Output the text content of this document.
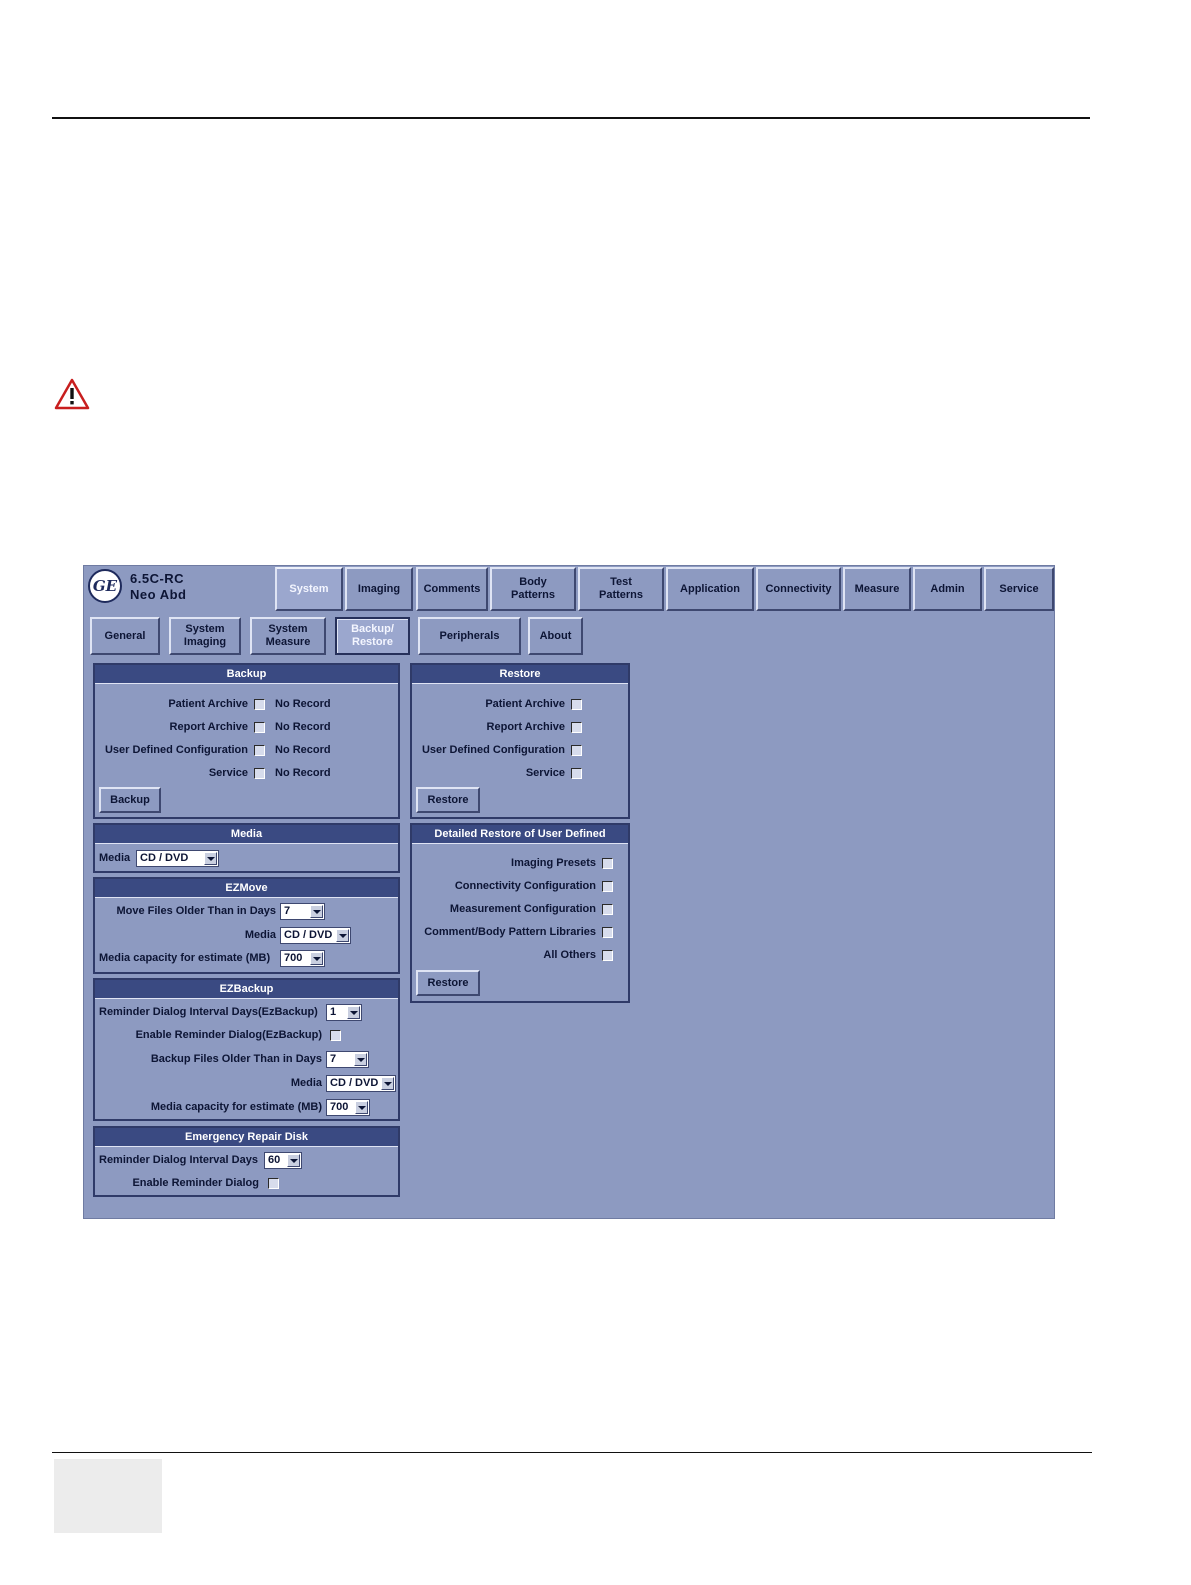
GE 6.5C-RC
Neo Abd	System	Imaging	Comments
Body
Patterns
Test
Patterns
Application	Connectivity	Measure	Admin	Service
General
System
Imaging
System
Measure
Backup/
Restore
Peripherals	About
Backup
Patient Archive No Record
Report Archive No Record
User Defined Configuration No Record
Service No Record
Backup
Restore
Patient Archive
Report Archive
User Defined Configuration
Service
Restore
Media
Media CD / DVD
EZMove
Move Files Older Than in Days 7
Media CD / DVD
Media capacity for estimate (MB) 700
EZBackup
Reminder Dialog Interval Days(EzBackup) 1
Enable Reminder Dialog(EzBackup)
Backup Files Older Than in Days 7
Media CD / DVD
Media capacity for estimate (MB) 700
Emergency Repair Disk
Reminder Dialog Interval Days 60
Enable Reminder Dialog
Detailed Restore of User Defined
Imaging Presets
Connectivity Configuration
Measurement Configuration
Comment/Body Pattern Libraries
All Others
Restore
